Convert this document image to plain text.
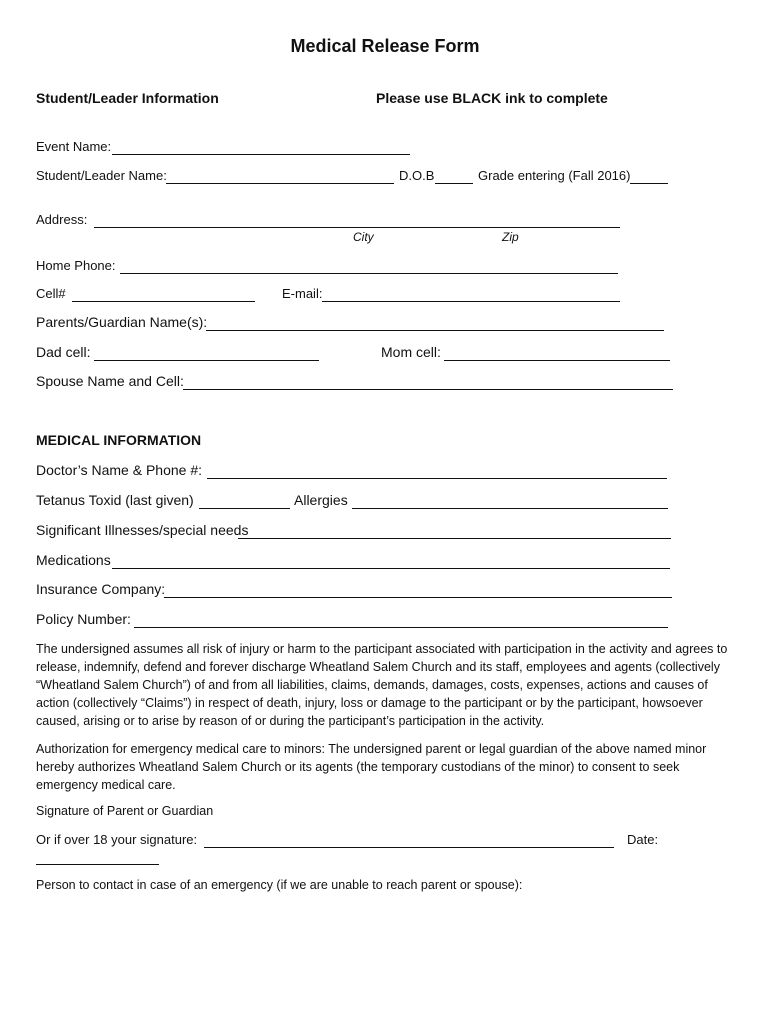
Medical Release Form
Student/Leader Information	Please use BLACK ink to complete
Event Name:
Student/Leader Name:	D.O.B	Grade entering (Fall 2016)
Address:
City	Zip
Home Phone:
Cell#	E-mail:
Parents/Guardian Name(s):
Dad cell:	Mom cell:
Spouse Name and Cell:
MEDICAL INFORMATION
Doctor’s Name & Phone #:
Tetanus Toxid (last given)	Allergies
Significant Illnesses/special needs
Medications
Insurance Company:
Policy Number:
The undersigned assumes all risk of injury or harm to the participant associated with participation in the activity and agrees to release, indemnify, defend and forever discharge Wheatland Salem Church and its staff, employees and agents (collectively “Wheatland Salem Church”) of and from all liabilities, claims, demands, damages, costs, expenses, actions and causes of action (collectively “Claims”) in respect of death, injury, loss or damage to the participant or by the participant, howsoever caused, arising or to arise by reason of or during the participant’s participation in the activity.
Authorization for emergency medical care to minors: The undersigned parent or legal guardian of the above named minor hereby authorizes Wheatland Salem Church or its agents (the temporary custodians of the minor) to consent to seek emergency medical care.
Signature of Parent or Guardian
Or if over 18 your signature:	Date:
Person to contact in case of an emergency (if we are unable to reach parent or spouse):
